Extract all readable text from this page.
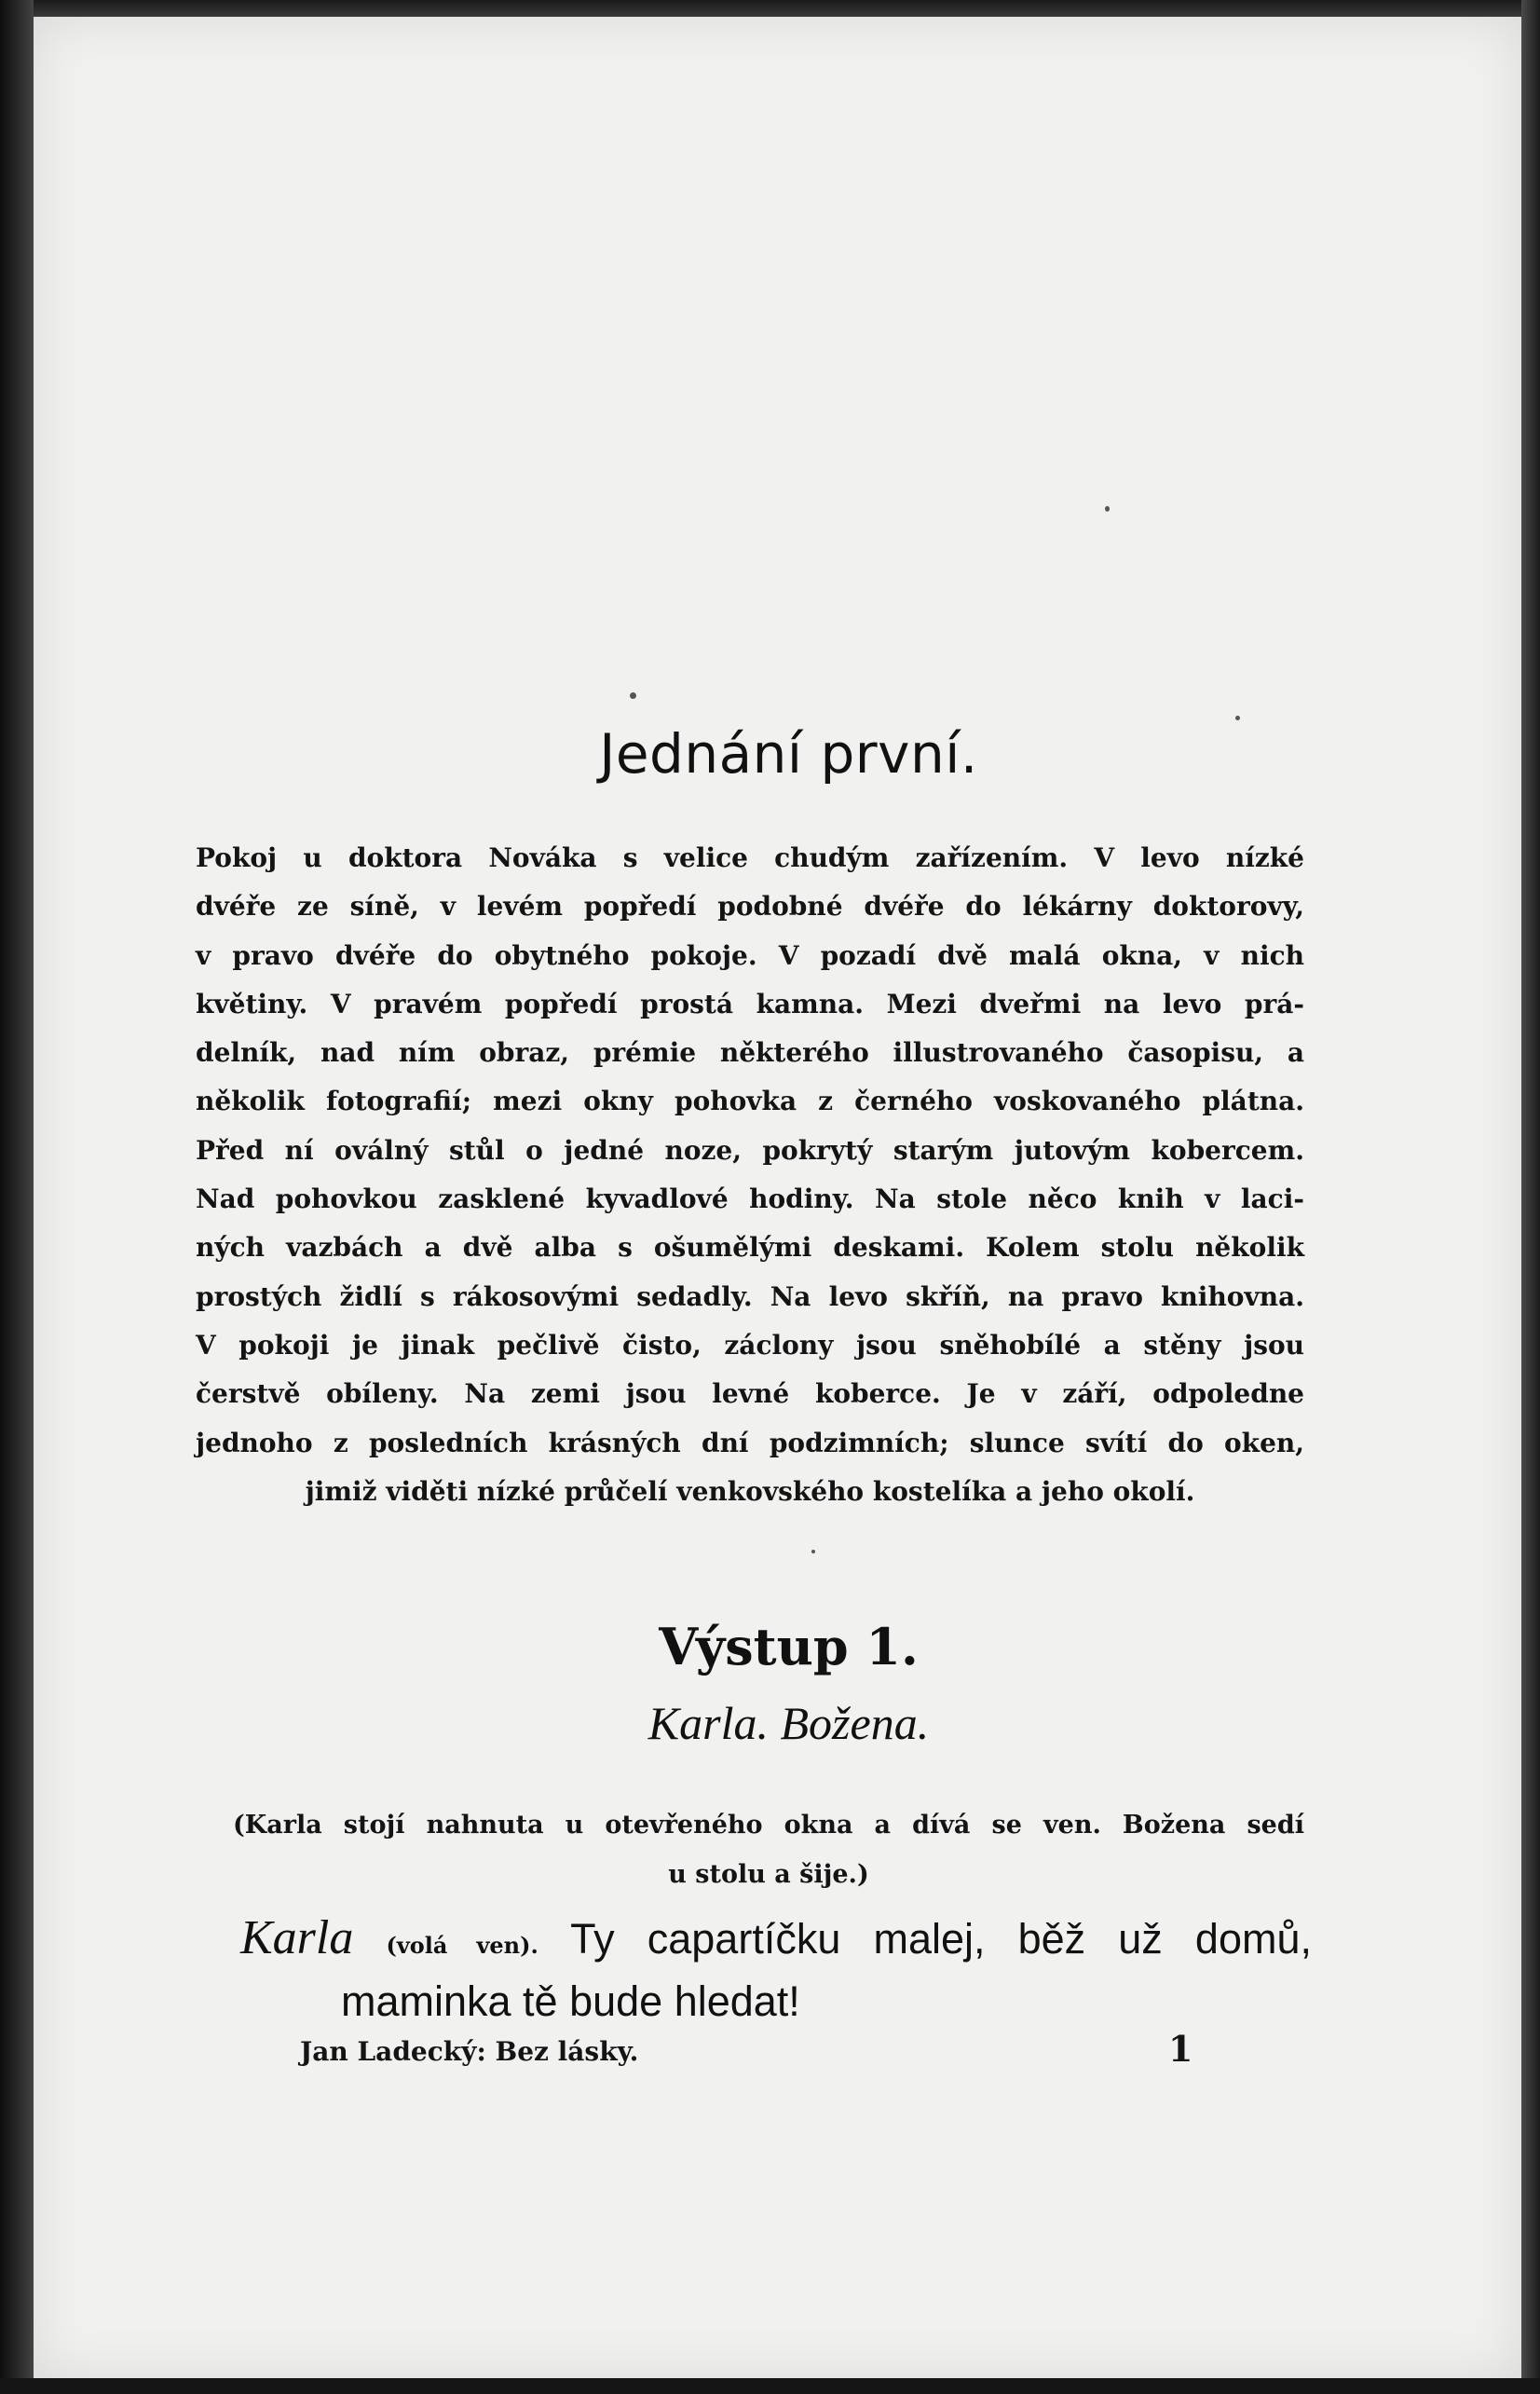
Jednání první.
Pokoj u doktora Nováka s velice chudým zařízením. V levo nízké
dvéře ze síně, v levém popředí podobné dvéře do lékárny doktorovy,
v pravo dvéře do obytného pokoje. V pozadí dvě malá okna, v nich
květiny. V pravém popředí prostá kamna. Mezi dveřmi na levo prá-
delník, nad ním obraz, prémie některého illustrovaného časopisu, a
několik fotografií; mezi okny pohovka z černého voskovaného plátna.
Před ní oválný stůl o jedné noze, pokrytý starým jutovým kobercem.
Nad pohovkou zasklené kyvadlové hodiny. Na stole něco knih v laci-
ných vazbách a dvě alba s ošumělými deskami. Kolem stolu několik
prostých židlí s rákosovými sedadly. Na levo skříň, na pravo knihovna.
V pokoji je jinak pečlivě čisto, záclony jsou sněhobílé a stěny jsou
čerstvě obíleny. Na zemi jsou levné koberce. Je v září, odpoledne
jednoho z posledních krásných dní podzimních; slunce svítí do oken,
jimiž viděti nízké průčelí venkovského kostelíka a jeho okolí.
Výstup 1.
Karla. Božena.
(Karla stojí nahnuta u otevřeného okna a dívá se ven. Božena sedí
u stolu a šije.)
Karla (volá ven). Ty capartíčku malej, běž už domů,
maminka tě bude hledat!
Jan Ladecký: Bez lásky.	1
